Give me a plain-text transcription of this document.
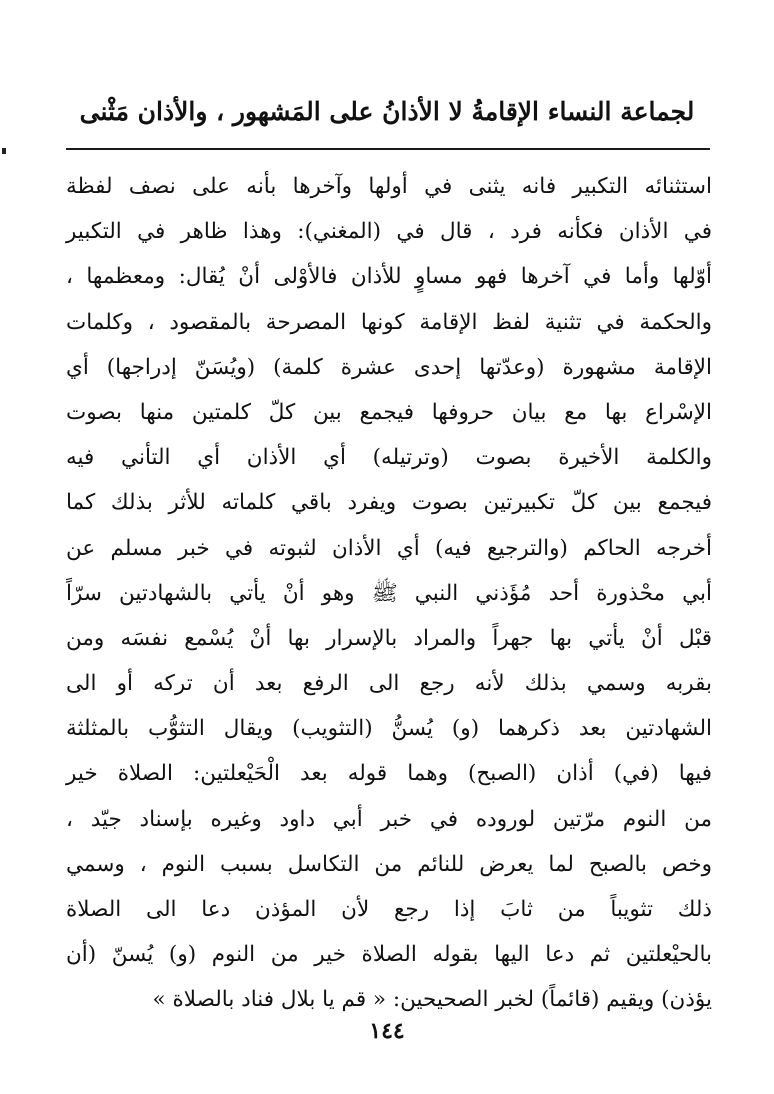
لجماعة النساء الإقامةُ لا الأذانُ على المَشهور ، والأذان مَثْنى
استثنائه التكبير فانه يثنى في أولها وآخرها بأنه على نصف لفظة
في الأذان فكأنه فرد ، قال في (المغني): وهذا ظاهر في التكبير
أوّلها وأما في آخرها فهو مساوٍ للأذان فالأوْلى أنْ يُقال: ومعظمها ،
والحكمة في تثنية لفظ الإقامة كونها المصرحة بالمقصود ، وكلمات
الإقامة مشهورة (وعدّتها إحدى عشرة كلمة) (ويُسَنّ إدراجها) أي
الإسْراع بها مع بيان حروفها فيجمع بين كلّ كلمتين منها بصوت
والكلمة الأخيرة بصوت (وترتيله) أي الأذان أي التأني فيه
فيجمع بين كلّ تكبيرتين بصوت ويفرد باقي كلماته للأثر بذلك كما
أخرجه الحاكم (والترجيع فيه) أي الأذان لثبوته في خبر مسلم عن
أبي محْذورة أحد مُؤَذني النبي ﷺ وهو أنْ يأتي بالشهادتين سرّاً
قبْل أنْ يأتي بها جهراً والمراد بالإسرار بها أنْ يُسْمع نفسَه ومن
بقربه وسمي بذلك لأنه رجع الى الرفع بعد أن تركه أو الى
الشهادتين بعد ذكرهما (و) يُسنُّ (التثويب) ويقال التثوُّب بالمثلثة
فيها (في) أذان (الصبح) وهما قوله بعد الْحَيْعلتين: الصلاة خير
من النوم مرّتين لوروده في خبر أبي داود وغيره بإسناد جيّد ،
وخص بالصبح لما يعرض للنائم من التكاسل بسبب النوم ، وسمي
ذلك تثويباً من ثابَ إذا رجع لأن المؤذن دعا الى الصلاة
بالحيْعلتين ثم دعا اليها بقوله الصلاة خير من النوم (و) يُسنّ (أن
يؤذن) ويقيم (قائماً) لخبر الصحيحين: « قم يا بلال فناد بالصلاة »
١٤٤
